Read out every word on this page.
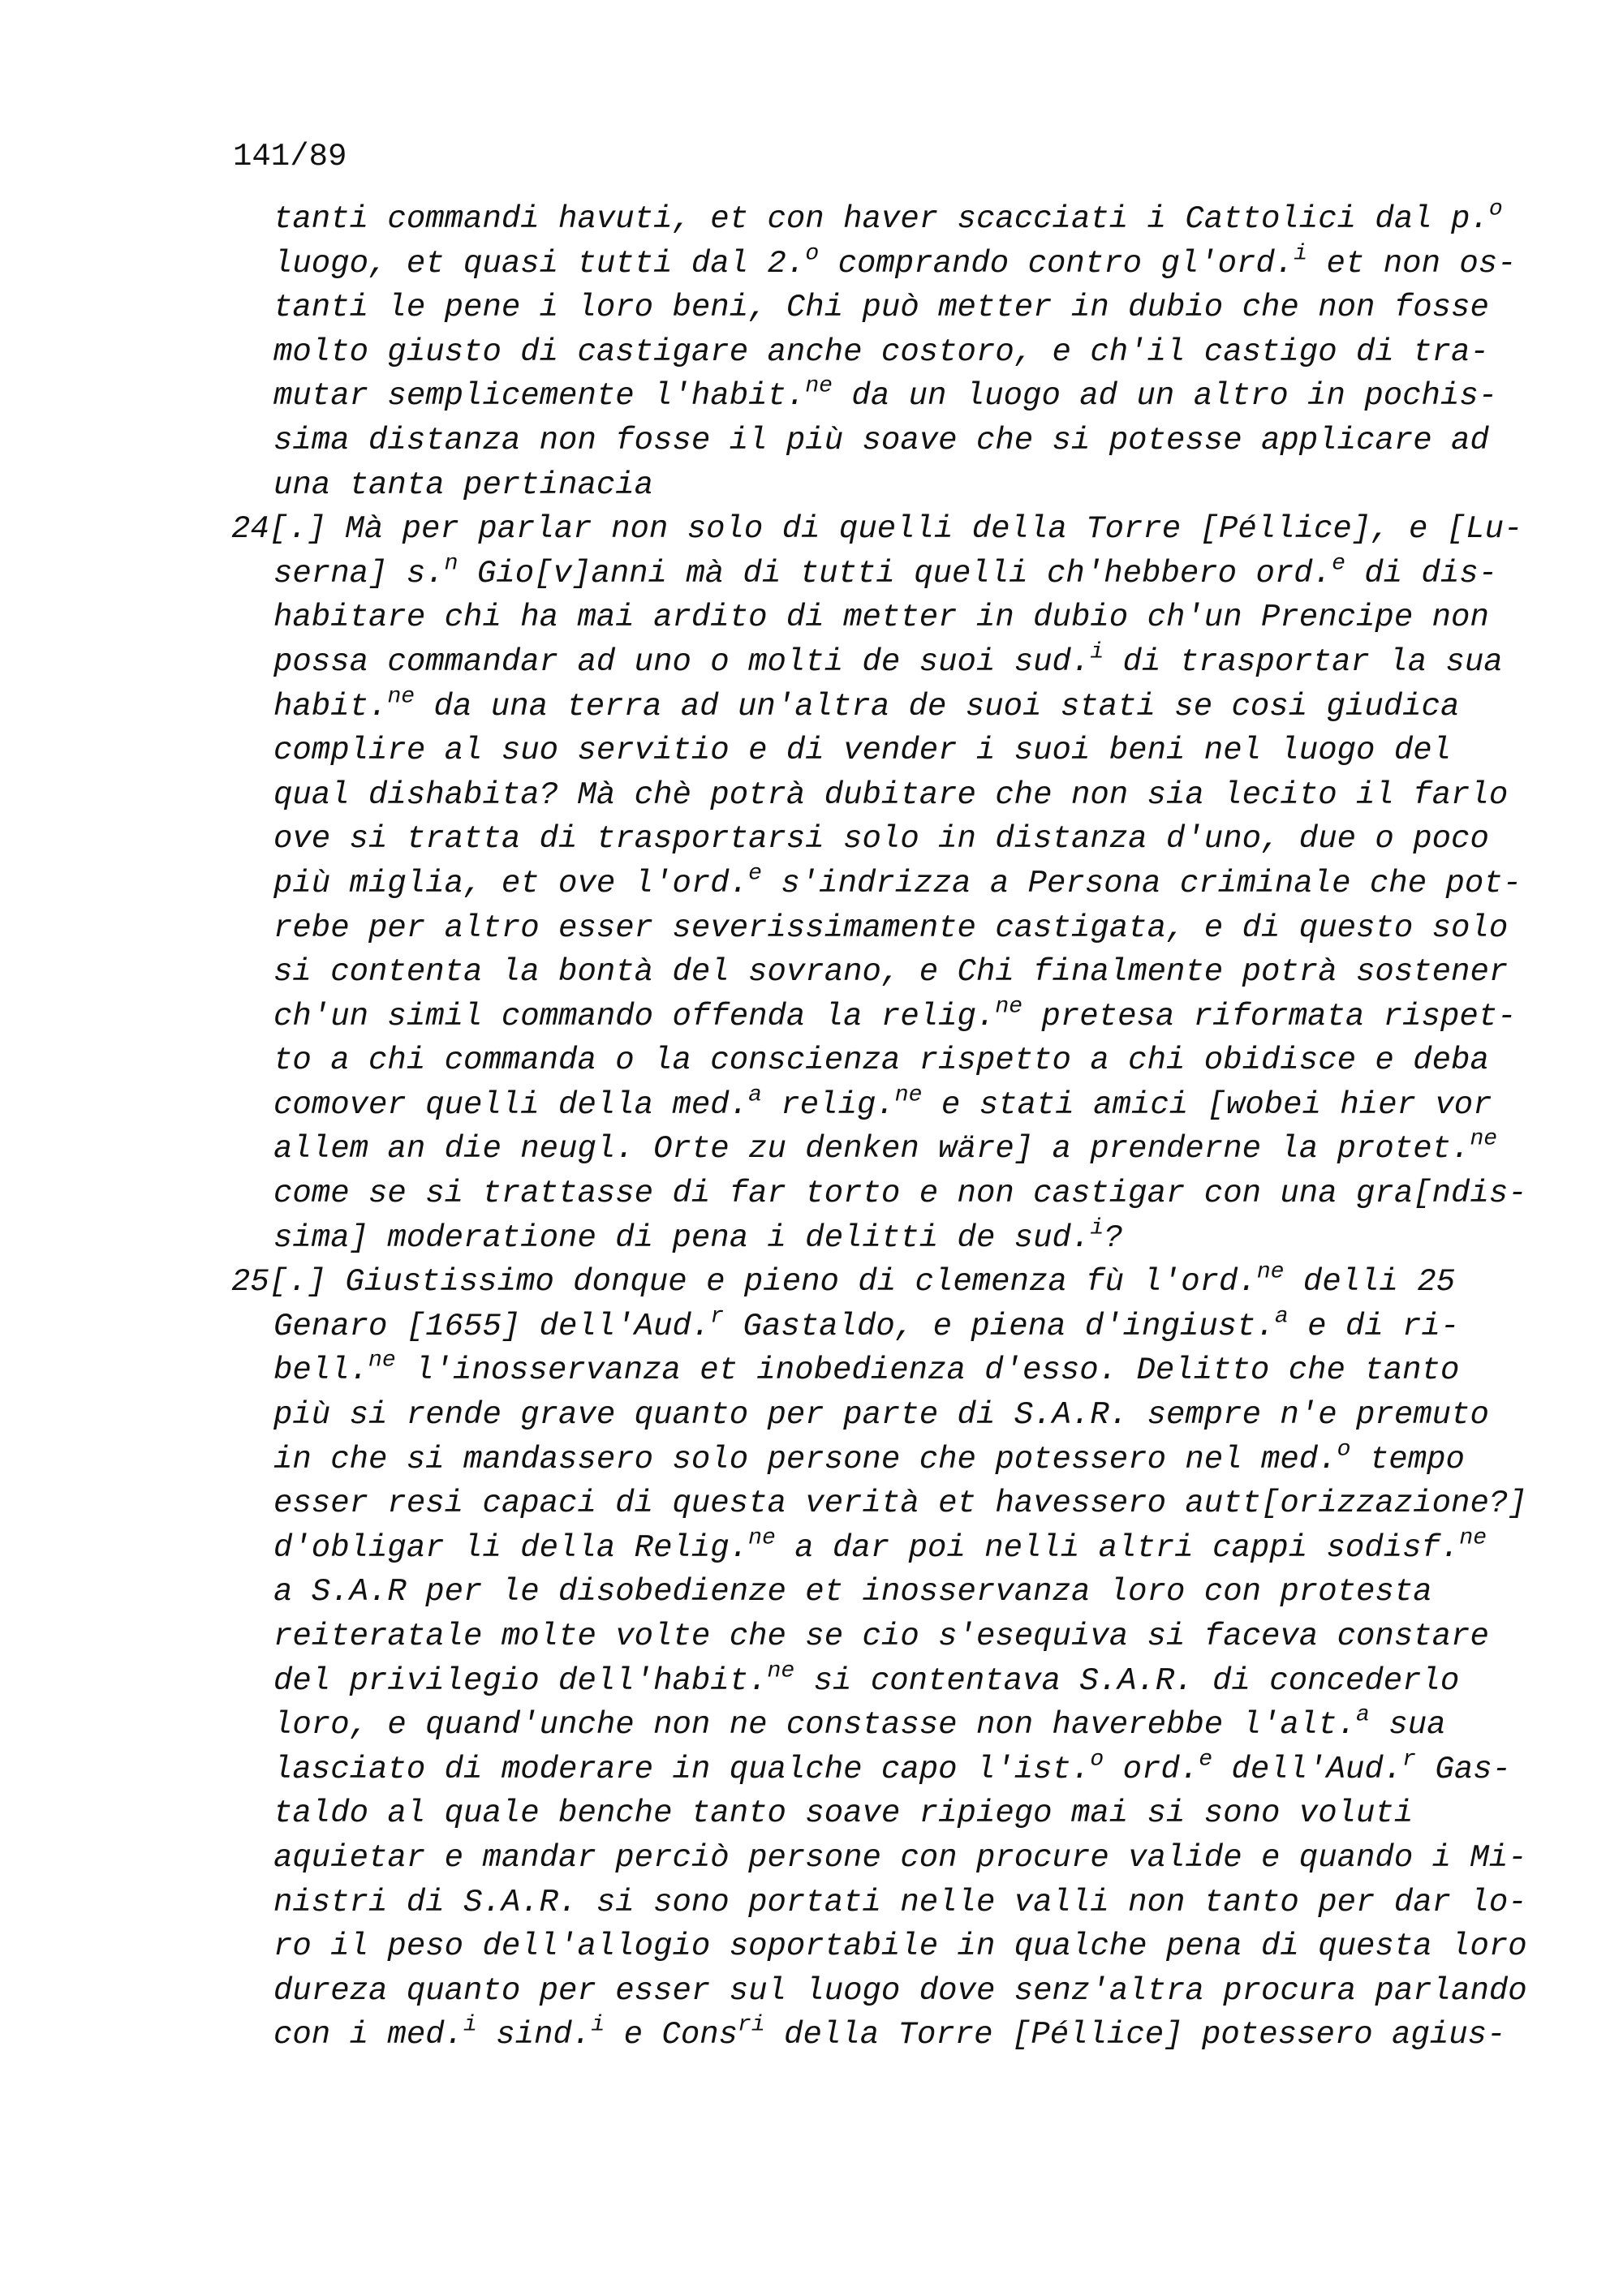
141/89
tanti commandi havuti, et con haver scacciati i Cattolici dal p.$^o$
luogo, et quasi tutti dal 2.$^o$ comprando contro gl'ord.$^i$ et non os-
tanti le pene i loro beni, Chi può metter in dubio che non fosse
molto giusto di castigare anche costoro, e ch'il castigo di tra-
mutar semplicemente l'habit.$^{ne}$ da un luogo ad un altro in pochis-
sima distanza non fosse il più soave che si potesse applicare ad
una tanta pertinacia
24[.] Mà per parlar non solo di quelli della Torre [Péllice], e [Lu-
serna] s.$^n$ Gio[v]anni mà di tutti quelli ch'hebbero ord.$^e$ di dis-
habitare chi ha mai ardito di metter in dubio ch'un Prencipe non
possa commandar ad uno o molti de suoi sud.$^i$ di trasportar la sua
habit.$^{ne}$ da una terra ad un'altra de suoi stati se cosi giudica
complire al suo servitio e di vender i suoi beni nel luogo del
qual dishabita? Mà chè potrà dubitare che non sia lecito il farlo
ove si tratta di trasportarsi solo in distanza d'uno, due o poco
più miglia, et ove l'ord.$^e$ s'indrizza a Persona criminale che pot-
rebe per altro esser severissimamente castigata, e di questo solo
si contenta la bontà del sovrano, e Chi finalmente potrà sostener
ch'un simil commando offenda la relig.$^{ne}$ pretesa riformata rispet-
to a chi commanda o la conscienza rispetto a chi obidisce e deba
comover quelli della med.$^a$ relig.$^{ne}$ e stati amici [wobei hier vor
allem an die neugl. Orte zu denken wäre] a prenderne la protet.$^{ne}$
come se si trattasse di far torto e non castigar con una gra[ndis-
sima] moderatione di pena i delitti de sud.$^i$?
25[.] Giustissimo donque e pieno di clemenza fù l'ord.$^{ne}$ delli 25
Genaro [1655] dell'Aud.$^r$ Gastaldo, e piena d'ingiust.$^a$ e di ri-
bell.$^{ne}$ l'inosservanza et inobedienza d'esso. Delitto che tanto
più si rende grave quanto per parte di S.A.R. sempre n'e premuto
in che si mandassero solo persone che potessero nel med.$^o$ tempo
esser resi capaci di questa verità et havessero autt[orizzazione?]
d'obligar li della Relig.$^{ne}$ a dar poi nelli altri cappi sodisf.$^{ne}$
a S.A.R per le disobedienze et inosservanza loro con protesta
reiteratale molte volte che se cio s'esequiva si faceva constare
del privilegio dell'habit.$^{ne}$ si contentava S.A.R. di concederlo
loro, e quand'unche non ne constasse non haverebbe l'alt.$^a$ sua
lasciato di moderare in qualche capo l'ist.$^o$ ord.$^e$ dell'Aud.$^r$ Gas-
taldo al quale benche tanto soave ripiego mai si sono voluti
aquietar e mandar perciò persone con procure valide e quando i Mi-
nistri di S.A.R. si sono portati nelle valli non tanto per dar lo-
ro il peso dell'allogio soportabile in qualche pena di questa loro
dureza quanto per esser sul luogo dove senz'altra procura parlando
con i med.$^i$ sind.$^i$ e Cons$^{ri}$ della Torre [Péllice] potessero agius-
